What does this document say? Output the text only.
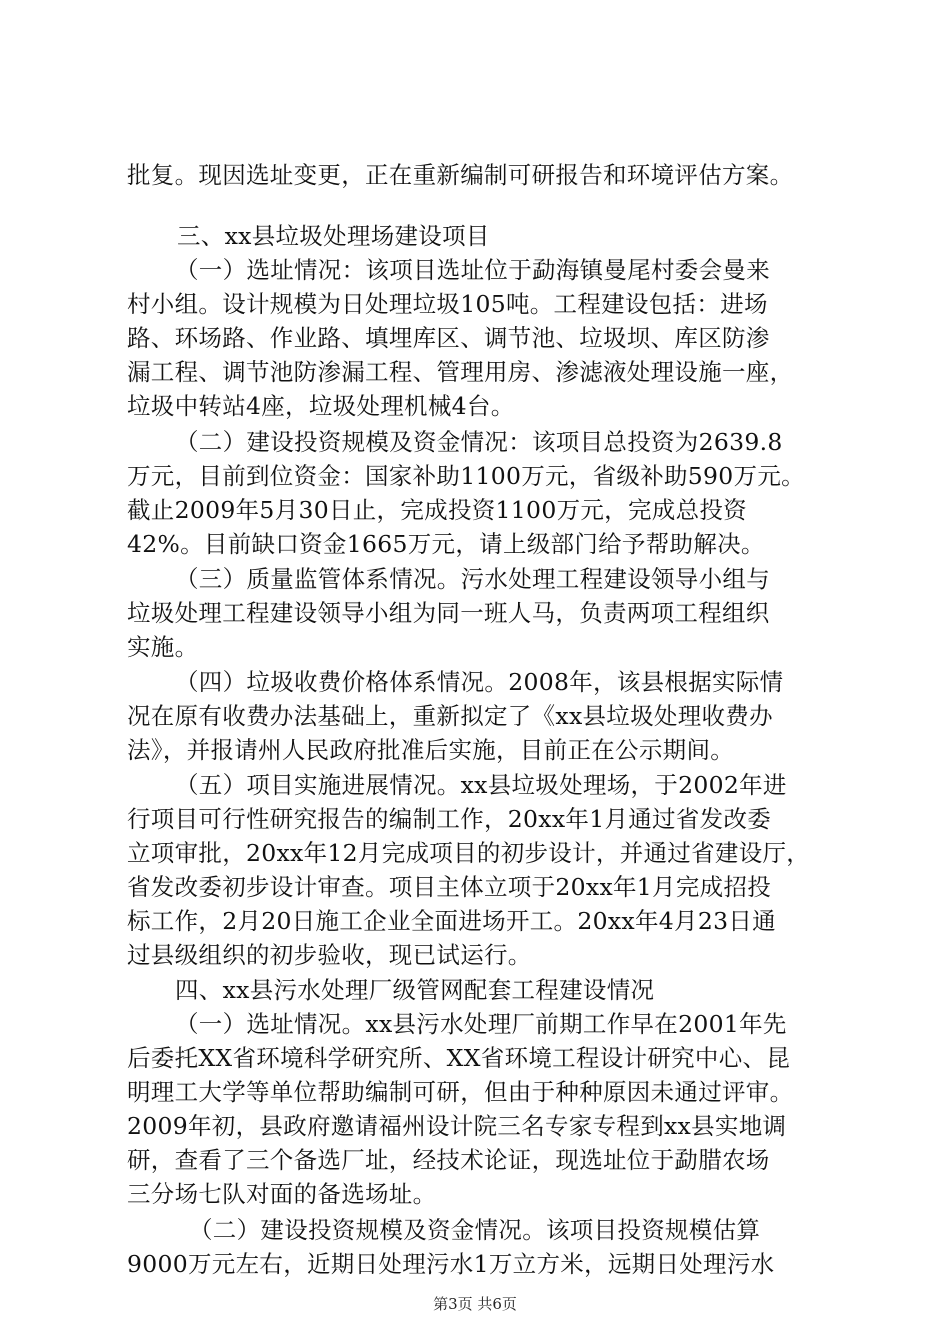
批复。现因选址变更，正在重新编制可研报告和环境评估方案。
三、xx县垃圾处理场建设项目
（一）选址情况：该项目选址位于勐海镇曼尾村委会曼来
村小组。设计规模为日处理垃圾105吨。工程建设包括：进场
路、环场路、作业路、填埋库区、调节池、垃圾坝、库区防渗
漏工程、调节池防渗漏工程、管理用房、渗滤液处理设施一座，
垃圾中转站4座，垃圾处理机械4台。
（二）建设投资规模及资金情况：该项目总投资为2639.8
万元，目前到位资金：国家补助1100万元，省级补助590万元。
截止2009年5月30日止，完成投资1100万元，完成总投资
42%。目前缺口资金1665万元，请上级部门给予帮助解决。
（三）质量监管体系情况。污水处理工程建设领导小组与
垃圾处理工程建设领导小组为同一班人马，负责两项工程组织
实施。
（四）垃圾收费价格体系情况。2008年，该县根据实际情
况在原有收费办法基础上，重新拟定了《xx县垃圾处理收费办
法》，并报请州人民政府批准后实施，目前正在公示期间。
（五）项目实施进展情况。xx县垃圾处理场，于2002年进
行项目可行性研究报告的编制工作，20xx年1月通过省发改委
立项审批，20xx年12月完成项目的初步设计，并通过省建设厅，
省发改委初步设计审查。项目主体立项于20xx年1月完成招投
标工作，2月20日施工企业全面进场开工。20xx年4月23日通
过县级组织的初步验收，现已试运行。
四、xx县污水处理厂级管网配套工程建设情况
（一）选址情况。xx县污水处理厂前期工作早在2001年先
后委托XX省环境科学研究所、XX省环境工程设计研究中心、昆
明理工大学等单位帮助编制可研，但由于种种原因未通过评审。
2009年初，县政府邀请福州设计院三名专家专程到xx县实地调
研，查看了三个备选厂址，经技术论证，现选址位于勐腊农场
三分场七队对面的备选场址。
（二）建设投资规模及资金情况。该项目投资规模估算
9000万元左右，近期日处理污水1万立方米，远期日处理污水
第3页 共6页
